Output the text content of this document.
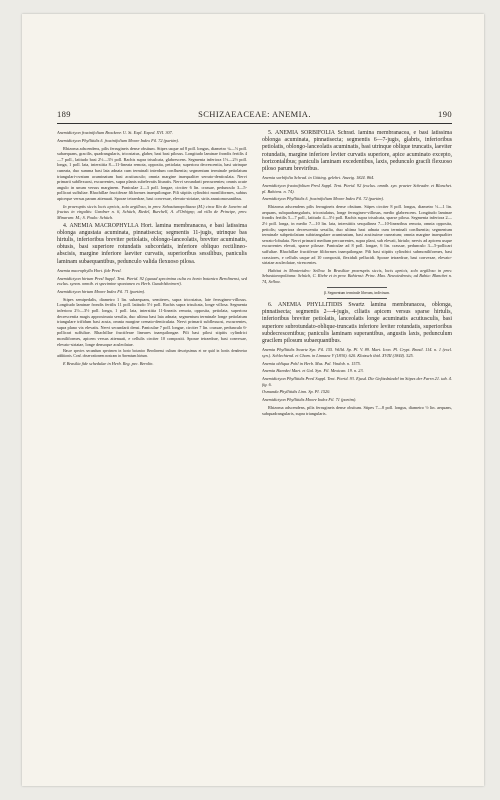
189	SCHIZAEACEAE: ANEMIA.	190

Anemidictyon fraxinifolium Brackenr. U. St. Expl. Exped. XVI. 307.

Anemidictyon Phyllitidis δ. fraxinifolium Moore Index Fil. 72 (partim).

Rhizoma adscendens, pilis ferrugineis dense obsitum. Stipes usque ad 8 poll. longus, diametro ¼—⅓ poll. subaequans, gracilis, quadrangularis, tricostatus, glaber, basi basi pilosus. Longitudo laminae frondis fertilis 4—7 poll., latitudo basi 2½—3½ poll. Rachis supra trisulcata, glabrescens. Segmenta inferiora 1½—2½ poll. longa, 1 poll. lata, interstitia 8—11-lineata remota, opposita, petiolata; superiora decrescentia, basi utrinque cuneata, duo summa basi lata adnata cum terminali interdum confluentia; segmentum terminale petiolatum triangulari-ovatum acuminatum basi acutiusculo; omnia margine inaequaliter serrato-denticulata. Nervi primarii subflexuosi, excurrentes, supra planis subelevatis lituratis. Nervi secundarii percurrentes; omnis acute angulo in unum versus marginem. Paniculae 2—3 poll. longae, circiter 6 lin. crassae, pedunculo 3—5-pollicari suffultae. Rhachillae fructiferae filiformes inaequilongae. Pili stipitis cylindrici moniliformes, subtus apiceque versus parum attenuati. Sporae tetraedrae, basi convexae, elevato-striatae, striis anastomosantibus.

In praeruptis siccis locis apricis, solo argilloso, in prov. Sebastianopolitana (M.) circa Rio de Janeiro ad fructus in virgultis: Gardner n. 6, Schüch, Riedel, Burchell, A. d'Orbigny; ad villa de Principe, prov. Minarum: M.; S. Paulo: Schüch.

4. ANEMIA MACROPHYLLA Hort. lamina membranacea, e basi latissima oblonga angustata acuminata, pinnatisecta; segmentis 11-jugis, utrinque bas hirtulis, inferioribus breviter petiolatis, oblongo-lanceolatis, breviter acuminatis, obtusis, basi superiore rotundatis subcordatis, inferiore obliquo rectilineo-abscisis, margine inferiore laeviter curvatis, superioribus sessilibus, paniculis laminam subaequantibus, pedunculo valida flexuoso pilosa.

Anemia macrophylla Hort. fide Presl.

Anemidictyon hirtum Presl Suppl. Tent. Pterid. 92 (quoad specimina culta ex horto botanico Berolinensi, sed exclus. synon. omnib. et specimine spontaneo ex Herb. Gundelsheimeri).

Anemidictyon hirtum Moore Index Fil. 71 (partim).

Stipes semipedalis, diametro 1 lin. subaequans, semiteres, supra tricostatus, late ferrugineo-villosus. Longitudo laminae frondis fertilis 11 poll. latitudo 5½ poll. Rachis supra trisulcata, longe villosa. Segmenta inferiora 2½—3½ poll. longa, 1 poll. lata, interstitia 11-lineatis remota, opposita, petiolata, superiora decrescentia magis approximata sessilia, duo ultima basi lata adnata; segmentum terminale longe petiolatum triangulare trifidum basi acuta, omnia margine crenato-denticulata. Nervi primarii subflexuosi, excurrentes, supra plano vix elevatis. Nervi secundarii densi. Paniculae 7 poll. longae, circiter 7 lin. crassae, pedunculo 6-pollicari suffultae. Rhachillae fructiferae lineares inaequilongae. Pili basi pilosi stipitis cylindrici moniliformes, apicem versus attenuati, e cellulis circiter 10 compositi. Sporae tetraedrae, basi convexae, elevato-striatae, longe densoque aculeolatae.

Hasce species secundum specimen in horto botanico Berolinensi cultum descripsimus et ne quid in hortis denderetur additionis. Conf. observationem nostram in Anemium hirtum.

E Brasilia fide schedulae in Herb. Reg. pec. Berolin.

5. ANEMIA SORBIFOLIA Schrad. lamina membranacea, e basi latissima oblonga acuminata, pinnatisecta; segmentis 6—7-jugis, glabris, inferioribus petiolatis, oblongo-lanceolatis acuminatis, basi utrinque oblique truncatis, laeviter rotundatis, margine inferiore leviter curvatis superiore, apice acuminato excepto, horizontalibus; paniculis laminam excedentibus, laxis, pedunculo gracili flexuoso piloso parum breviribus.

Anemia sorbifolia Schrad. in Götting. gelehrt. Anzeig. 1824. 864.

Anemidictyon fraxinifolium Presl Suppl. Tent. Pterid. 92 (exclus. omnib. syn. praeter Schrader. et Blanchet. pl. Bahiens. n. 74).

Anemidictyon Phyllitidis δ. fraxinifolium Moore Index Fil. 72 (partim).

Rhizoma adscendens pilis ferrugineis dense obsitum. Stipes circiter 8 poll. longus, diametro ⅓—1 lin. aequans, subquadrangularis, tricostulatus, longe ferrugineo-villosus, medio glabrescens. Longitudo laminae frondis fertilis 5—7 poll., latitudo 4—5½ poll. Rachis supra trisulcata, sparse pilosa. Segmenta inferiora 2—2½ poll. longa, in medio 7—10 lin. lata, interstitiis sesquilinea 7—10-linearibus remota, omnia opposita, petiolis; superiora decrescentia sessilia, duo ultima basi adnata cum terminali confluentia; segmentum terminale subpetiolatum subtriangulare acuminatum, basi acutissime cuneatum; omnia margine inaequaliter serrato-lobulata. Nervi primarii medium percurrentes, supra plani, sub elevati, hirtulo; nervis ad apicem usque excurrentes elevati, sparse pilosae. Paniculae ad 8 poll. longae, 6 lin. crassae, pedunculo 3—5-pollicari suffultae. Rhachillae fructiferae filiformes inaequilongae. Pili basi stipitis cylindrici submoniliformes, basi crassiores, e cellulis usque ad 10 compositi, flexiduli pellucidi. Sporae tetraedrae, basi convexae, elevato-striatae aculeolatae, virescentes.

Habitat in Montevideo: Sellow. In Brasiliae praeruptis siccis, locis apricis, solo argilloso in prov. Sebastianopolitana: Schüch, C. Riebe et in prov. Bahiensi: Princ. Max. Neuwiedensis; ad Bahia: Blanchet n. 74, Sellow.

β. Segmentum terminale liberum, indivisum.

6. ANEMIA PHYLLITIDIS Swartz lamina membranacea, oblonga, pinnatisecta; segmentis 2—4-jugis, ciliatis apicem versus sparse hirtulis, inferioribus breviter petiolatis, lanceolatis longe acuminatis acutiusculis, basi superiore subrotundato-oblique-truncatis inferiore leviter rotundatis, superioribus subdecrescentibus; paniculis laminam superantibus, angustis laxis, pedunculum gracilem pilosum subaequantibus.

Anemia Phyllitidis Swartz Syn. Fil. 155. Willd. Sp. Pl. V. 89. Mart. Icon. Pl. Crypt. Brasil. 114. n. 1 (excl. syn.). Schlechtend. et Cham. in Linnaea V (1830). 620. Klotzsch ibid. XVIII (1844). 525.

Anemia obliqua Pohl in Herb. Mus. Pal. Vindob. n. 1575.

Anemia Haenkei Mart. et Gal. Syn. Fil. Mexican. 19. n. 23.

Anemidictyon Phyllitidis Presl Suppl. Tent. Pterid. 93. Ejusd. Die Gefässbündel im Stipes der Farrn 21. tab. 4. fig. 6.

Osmunda Phyllitidis Linn. Sp. Pl. 1520.

Anemidictyon Phyllitidis Moore Index Fil. 71 (partim).

Rhizoma adscendens, pilis ferrugineis dense obsitum. Stipes 7—8 poll. longus, diametro ½ lin. aequans, subquadrangularis, supra triangularis.
